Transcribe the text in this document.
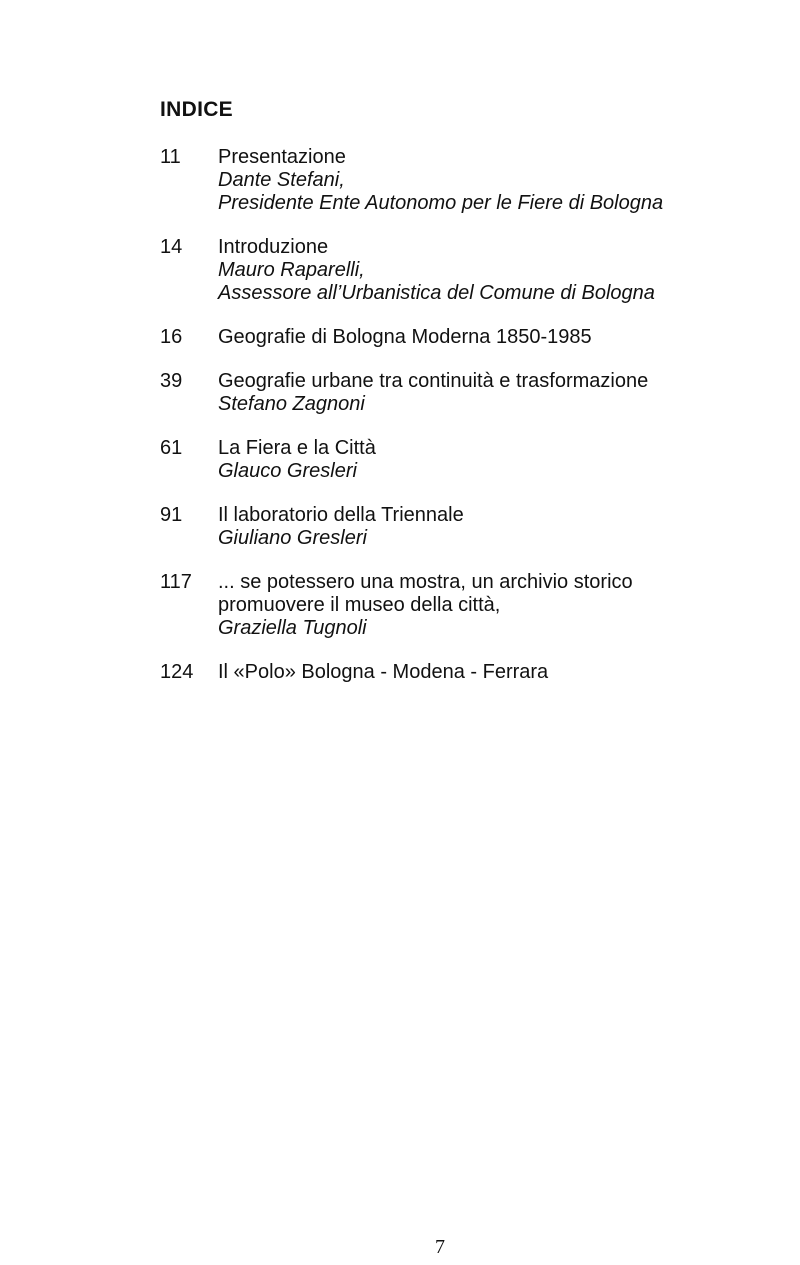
INDICE
11	Presentazione
Dante Stefani,
Presidente Ente Autonomo per le Fiere di Bologna
14	Introduzione
Mauro Raparelli,
Assessore all’Urbanistica del Comune di Bologna
16	Geografie di Bologna Moderna 1850-1985
39	Geografie urbane tra continuità e trasformazione
Stefano Zagnoni
61	La Fiera e la Città
Glauco Gresleri
91	Il laboratorio della Triennale
Giuliano Gresleri
117	... se potessero una mostra, un archivio storico
promuovere il museo della città,
Graziella Tugnoli
124	Il «Polo» Bologna - Modena - Ferrara
7
